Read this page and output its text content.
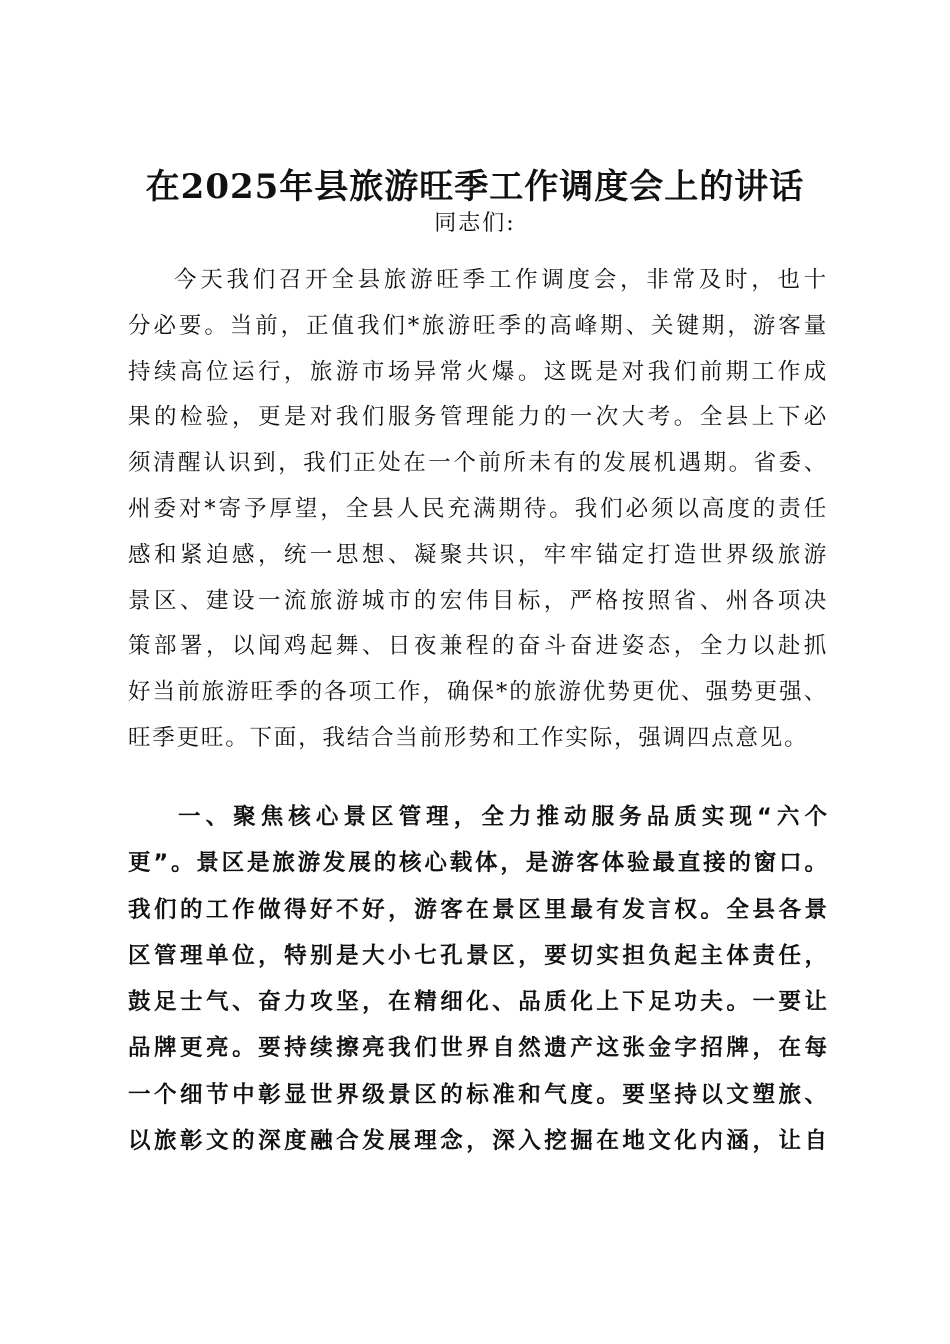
在2025年县旅游旺季工作调度会上的讲话
同志们:
今天我们召开全县旅游旺季工作调度会，非常及时，也十
分必要。当前，正值我们*旅游旺季的高峰期、关键期，游客量
持续高位运行，旅游市场异常火爆。这既是对我们前期工作成
果的检验，更是对我们服务管理能力的一次大考。全县上下必
须清醒认识到，我们正处在一个前所未有的发展机遇期。省委、
州委对*寄予厚望，全县人民充满期待。我们必须以高度的责任
感和紧迫感，统一思想、凝聚共识，牢牢锚定打造世界级旅游
景区、建设一流旅游城市的宏伟目标，严格按照省、州各项决
策部署，以闻鸡起舞、日夜兼程的奋斗奋进姿态，全力以赴抓
好当前旅游旺季的各项工作，确保*的旅游优势更优、强势更强、
旺季更旺。下面，我结合当前形势和工作实际，强调四点意见。
一、聚焦核心景区管理，全力推动服务品质实现“六个
更”。景区是旅游发展的核心载体，是游客体验最直接的窗口。
我们的工作做得好不好，游客在景区里最有发言权。全县各景
区管理单位，特别是大小七孔景区，要切实担负起主体责任，
鼓足士气、奋力攻坚，在精细化、品质化上下足功夫。一要让
品牌更亮。要持续擦亮我们世界自然遗产这张金字招牌，在每
一个细节中彰显世界级景区的标准和气度。要坚持以文塑旅、
以旅彰文的深度融合发展理念，深入挖掘在地文化内涵，让自
